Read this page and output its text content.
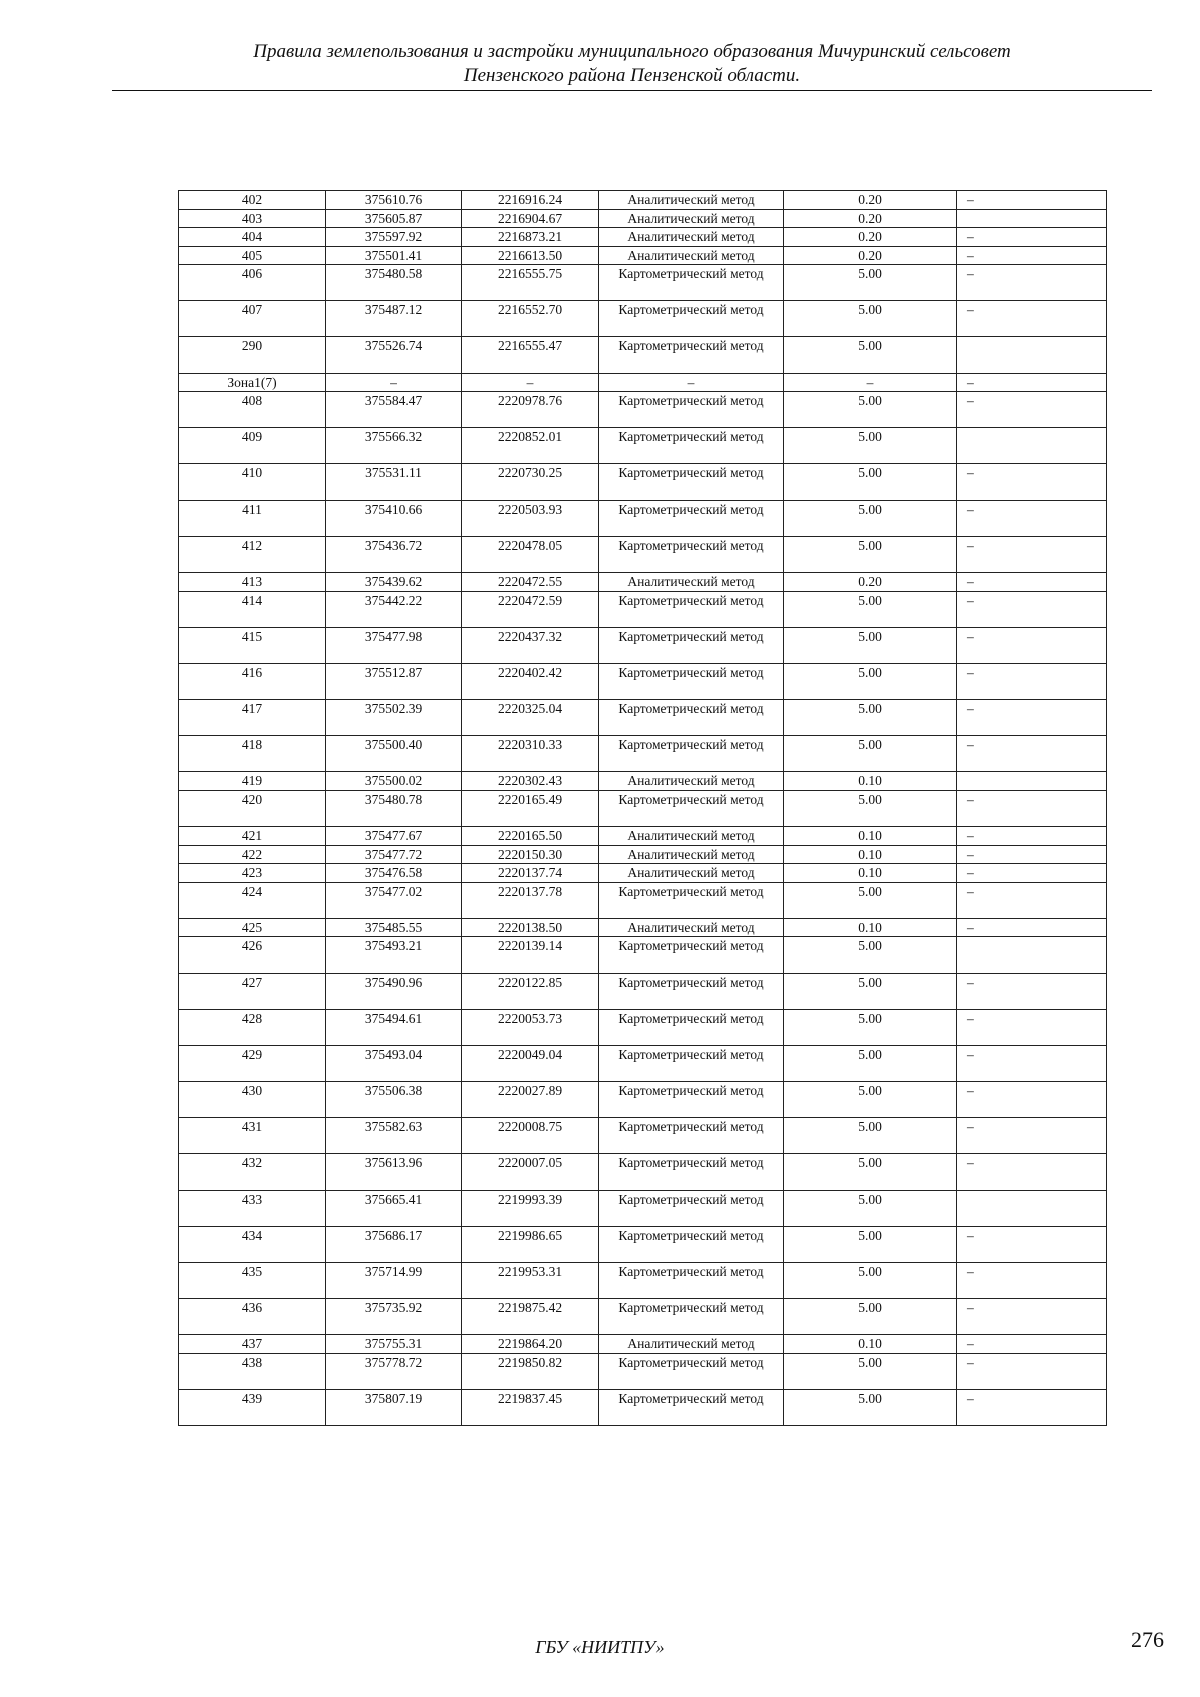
Правила землепользования и застройки муниципального образования Мичуринский сельсовет
Пензенского района Пензенской области.
402	375610.76	2216916.24	Аналитический метод	0.20	–
403	375605.87	2216904.67	Аналитический метод	0.20	
404	375597.92	2216873.21	Аналитический метод	0.20	–
405	375501.41	2216613.50	Аналитический метод	0.20	–
406	375480.58	2216555.75	Картометрический метод	5.00	–
407	375487.12	2216552.70	Картометрический метод	5.00	–
290	375526.74	2216555.47	Картометрический метод	5.00	
Зона1(7)	–	–	–	–	–
408	375584.47	2220978.76	Картометрический метод	5.00	–
409	375566.32	2220852.01	Картометрический метод	5.00	
410	375531.11	2220730.25	Картометрический метод	5.00	–
411	375410.66	2220503.93	Картометрический метод	5.00	–
412	375436.72	2220478.05	Картометрический метод	5.00	–
413	375439.62	2220472.55	Аналитический метод	0.20	–
414	375442.22	2220472.59	Картометрический метод	5.00	–
415	375477.98	2220437.32	Картометрический метод	5.00	–
416	375512.87	2220402.42	Картометрический метод	5.00	–
417	375502.39	2220325.04	Картометрический метод	5.00	–
418	375500.40	2220310.33	Картометрический метод	5.00	–
419	375500.02	2220302.43	Аналитический метод	0.10	
420	375480.78	2220165.49	Картометрический метод	5.00	–
421	375477.67	2220165.50	Аналитический метод	0.10	–
422	375477.72	2220150.30	Аналитический метод	0.10	–
423	375476.58	2220137.74	Аналитический метод	0.10	–
424	375477.02	2220137.78	Картометрический метод	5.00	–
425	375485.55	2220138.50	Аналитический метод	0.10	–
426	375493.21	2220139.14	Картометрический метод	5.00	
427	375490.96	2220122.85	Картометрический метод	5.00	–
428	375494.61	2220053.73	Картометрический метод	5.00	–
429	375493.04	2220049.04	Картометрический метод	5.00	–
430	375506.38	2220027.89	Картометрический метод	5.00	–
431	375582.63	2220008.75	Картометрический метод	5.00	–
432	375613.96	2220007.05	Картометрический метод	5.00	–
433	375665.41	2219993.39	Картометрический метод	5.00	
434	375686.17	2219986.65	Картометрический метод	5.00	–
435	375714.99	2219953.31	Картометрический метод	5.00	–
436	375735.92	2219875.42	Картометрический метод	5.00	–
437	375755.31	2219864.20	Аналитический метод	0.10	–
438	375778.72	2219850.82	Картометрический метод	5.00	–
439	375807.19	2219837.45	Картометрический метод	5.00	–
ГБУ «НИИТПУ»	276
